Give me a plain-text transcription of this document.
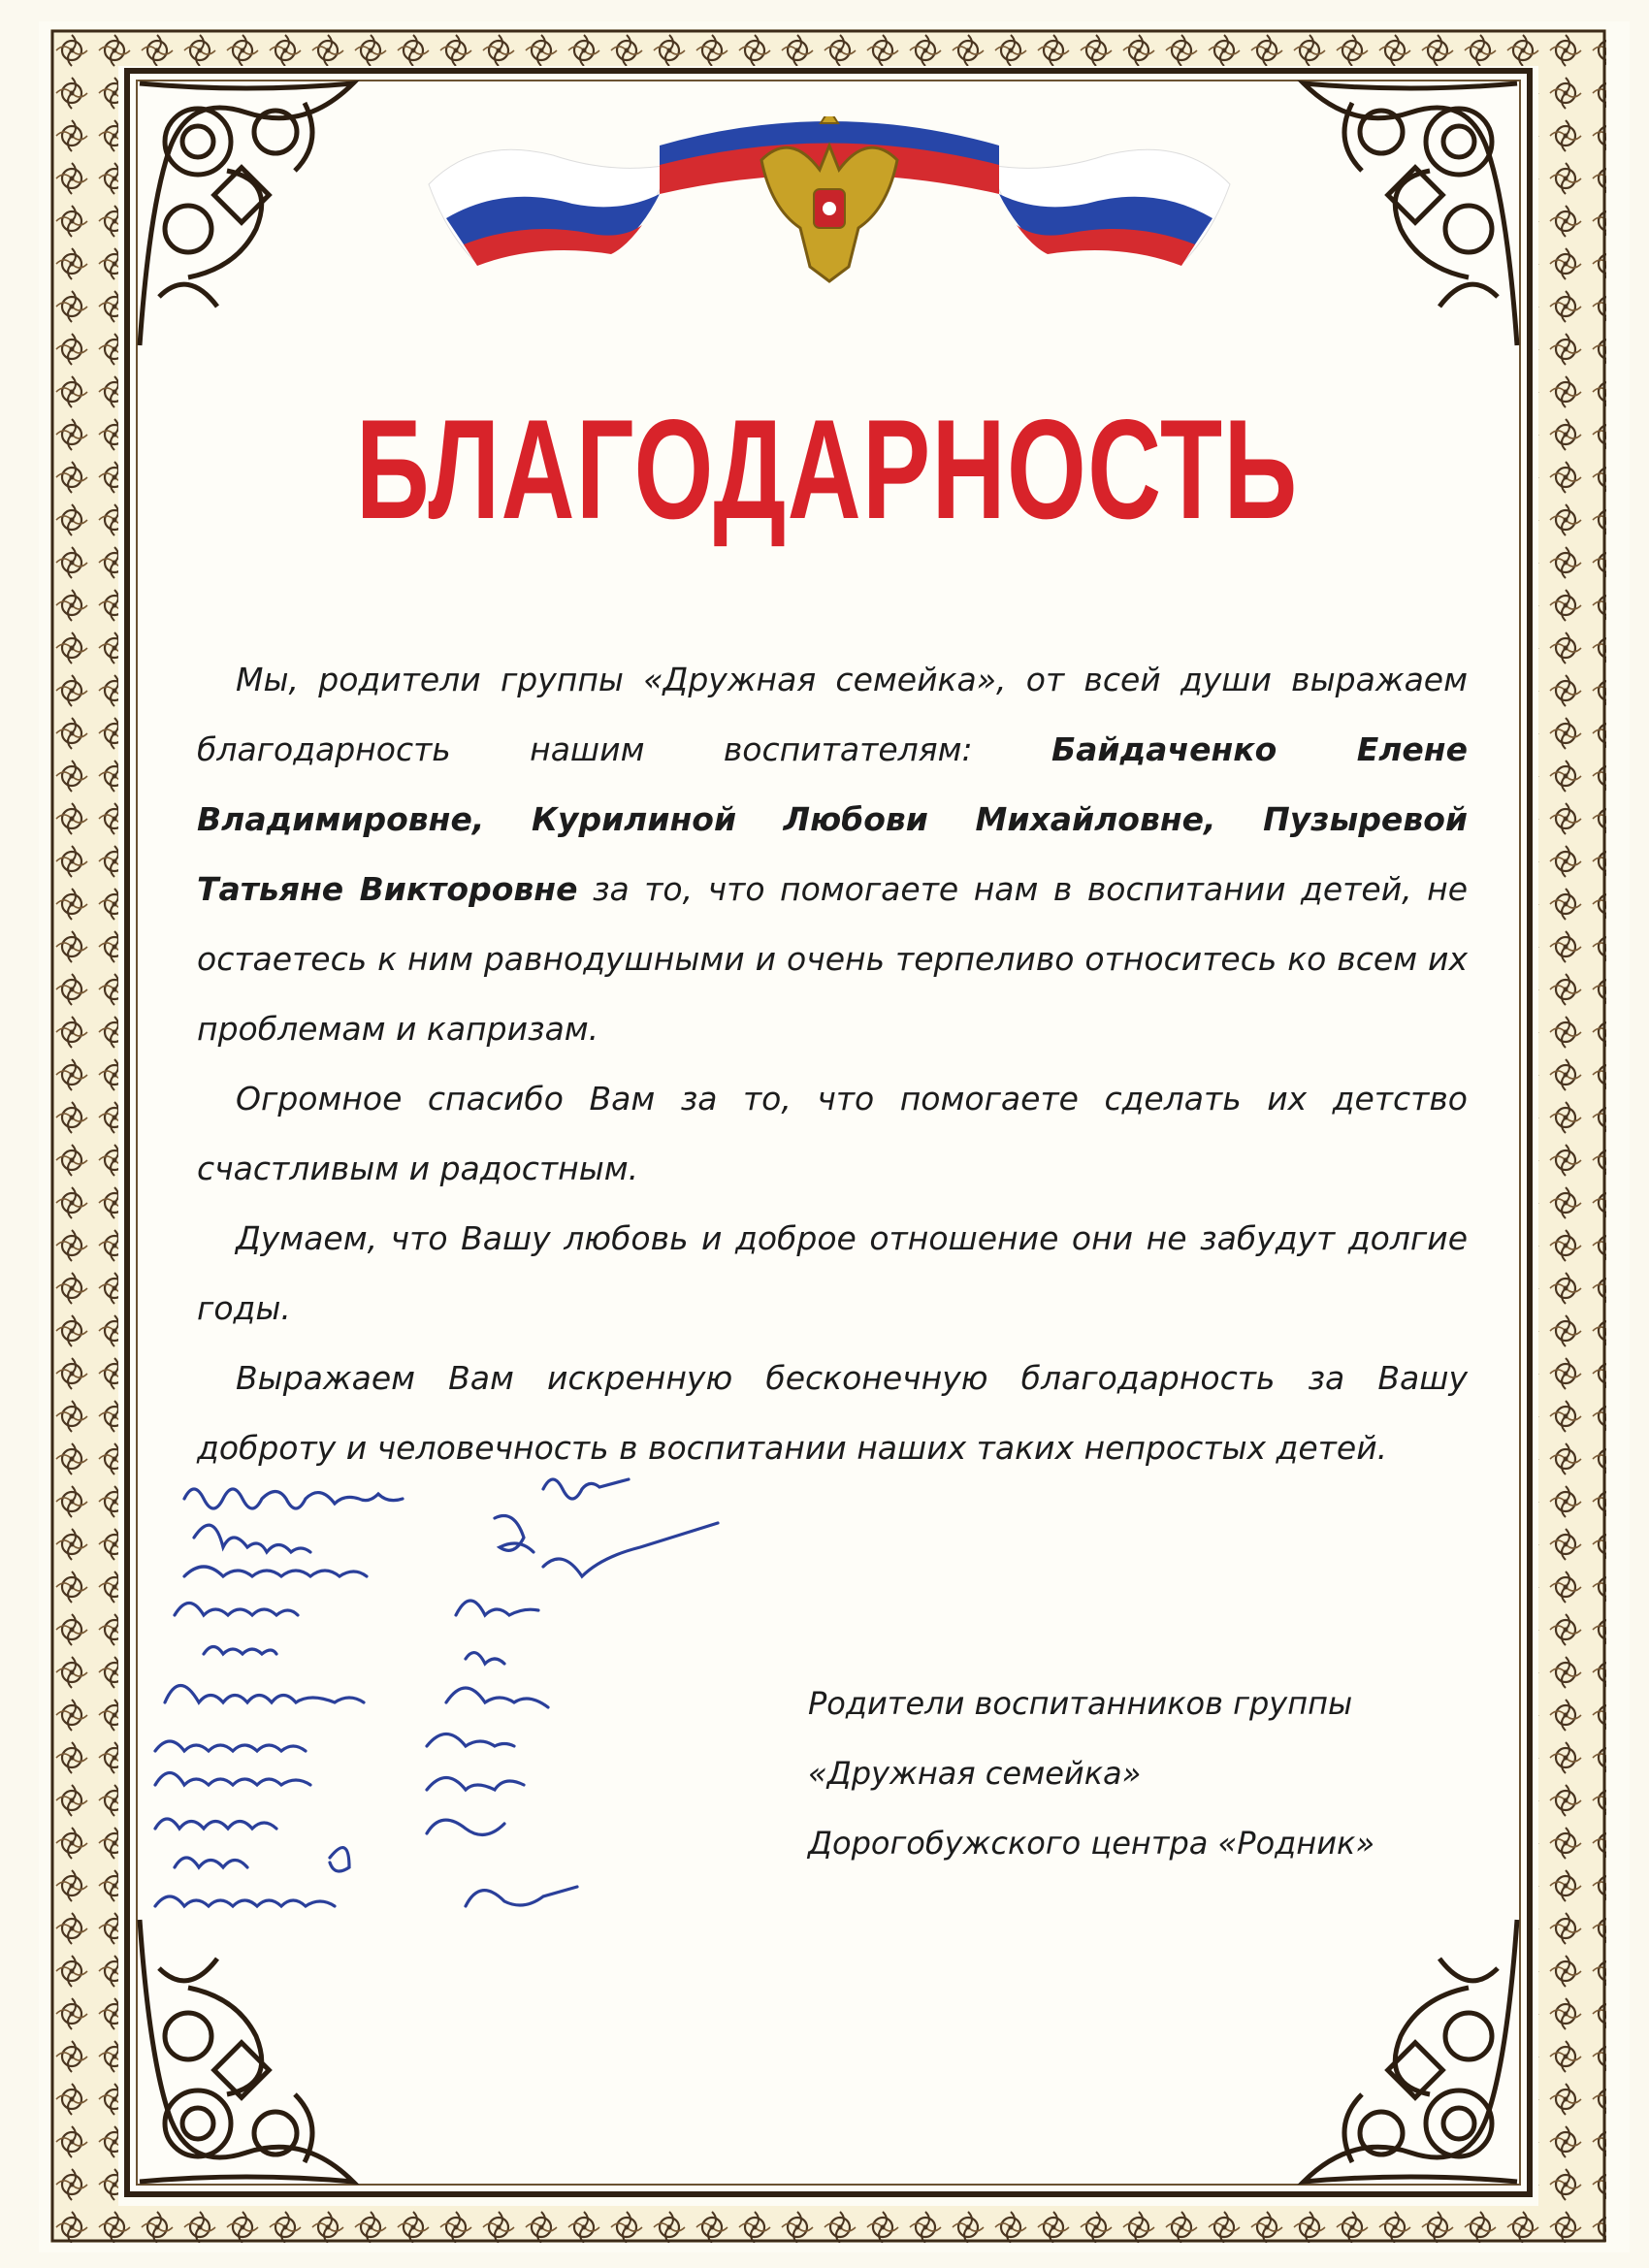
БЛАГОДАРНОСТЬ

Мы, родители группы «Дружная семейка», от всей души выражаем благодарность нашим воспитателям: Байдаченко Елене Владимировне, Курилиной Любови Михайловне, Пузыревой Татьяне Викторовне за то, что помогаете нам в воспитании детей, не остаетесь к ним равнодушными и очень терпеливо относитесь ко всем их проблемам и капризам.

Огромное спасибо Вам за то, что помогаете сделать их детство счастливым и радостным.

Думаем, что Вашу любовь и доброе отношение они не забудут долгие годы.

Выражаем Вам искренную бесконечную благодарность за Вашу доброту и человечность в воспитании наших таких непростых детей.

Родители воспитанников группы
«Дружная семейка»
Дорогобужского центра «Родник»
